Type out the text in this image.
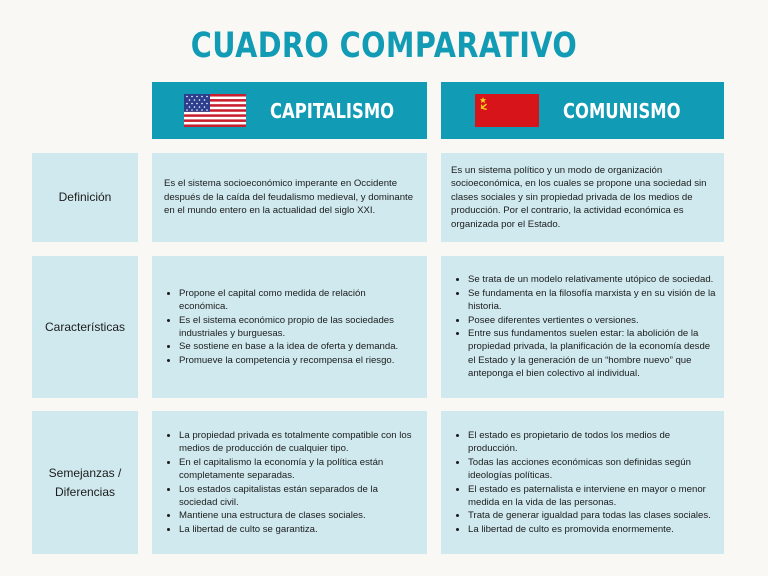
CUADRO COMPARATIVO
CAPITALISMO	COMUNISMO
Definición

Es el sistema socioeconómico imperante en Occidente después de la caída del feudalismo medieval, y dominante en el mundo entero en la actualidad del siglo XXI.

Es un sistema político y un modo de organización socioeconómica, en los cuales se propone una sociedad sin clases sociales y sin propiedad privada de los medios de producción. Por el contrario, la actividad económica es organizada por el Estado.

Características
• Propone el capital como medida de relación económica.
• Es el sistema económico propio de las sociedades industriales y burguesas.
• Se sostiene en base a la idea de oferta y demanda.
• Promueve la competencia y recompensa el riesgo.
• Se trata de un modelo relativamente utópico de sociedad.
• Se fundamenta en la filosofía marxista y en su visión de la historia.
• Posee diferentes vertientes o versiones.
• Entre sus fundamentos suelen estar: la abolición de la propiedad privada, la planificación de la economía desde el Estado y la generación de un “hombre nuevo” que anteponga el bien colectivo al individual.
Semejanzas / Diferencias
• La propiedad privada es totalmente compatible con los medios de producción de cualquier tipo.
• En el capitalismo la economía y la política están completamente separadas.
• Los estados capitalistas están separados de la sociedad civil.
• Mantiene una estructura de clases sociales.
• La libertad de culto se garantiza.
• El estado es propietario de todos los medios de producción.
• Todas las acciones económicas son definidas según ideologías políticas.
• El estado es paternalista e interviene en mayor o menor medida en la vida de las personas.
• Trata de generar igualdad para todas las clases sociales.
• La libertad de culto es promovida enormemente.
